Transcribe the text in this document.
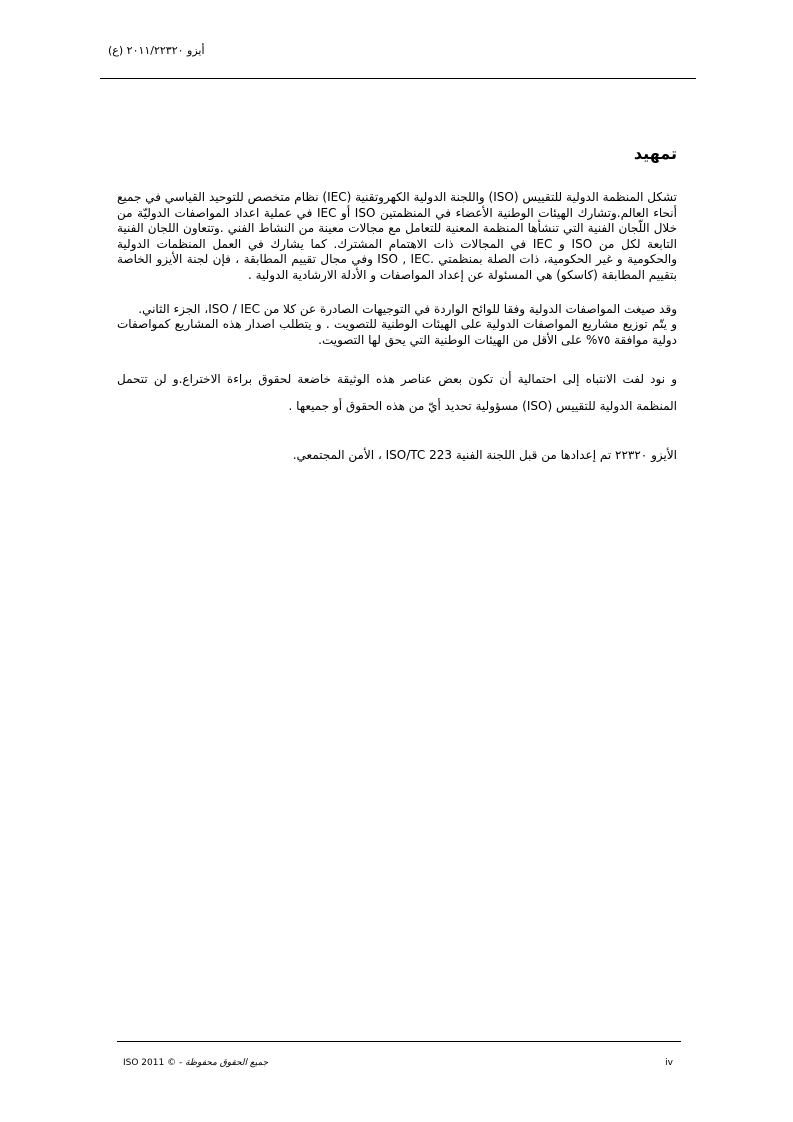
أيزو ٢٠١١/٢٢٣٢٠ (ع)
تمهيد

تشكل المنظمة الدولية للتقييس (ISO) واللجنة الدولية الكهروتقنية (IEC) نظام متخصص للتوحيد القياسي في جميع أنحاء العالم.وتشارك الهيئات الوطنية الأعضاء في المنظمتين ISO أو IEC في عملية اعداد المواصفات الدوليّة من خلال اللّجان الفنية التي تنشأها المنظمة المعنية للتعامل مع مجالات معينة من النشاط الفني .وتتعاون اللجان الفنية التابعة لكل من ISO و IEC في المجالات ذات الاهتمام المشترك. كما يشارك في العمل المنظمات الدولية والحكومية و غير الحكومية، ذات الصلة بمنظمتي .ISO , IEC وفي مجال تقييم المطابقة ، فإن لجنة الأيزو الخاصة بتقييم المطابقة (كاسكو) هي المسئولة عن إعداد المواصفات و الأدلة الارشادية الدولية .

وقد صيغت المواصفات الدولية وفقا للوائح الواردة في التوجيهات الصادرة عن كلا من ISO / IEC، الجزء الثاني.

و يتّم توزيع مشاريع المواصفات الدولية على الهيئات الوطنية للتصويت . و يتطلب اصدار هذه المشاريع كمواصفات دولية موافقة ٧٥% على الأقل من الهيئات الوطنية التي يحق لها التصويت.

و نود لفت الانتباه إلى احتمالية أن تكون بعض عناصر هذه الوثيقة خاضعة لحقوق براءة الاختراع.و لن تتحمل المنظمة الدولية للتقييس (ISO) مسؤولية تحديد أيّ من هذه الحقوق أو جميعها .

الأيزو ٢٢٣٢٠ تم إعدادها من قبل اللجنة الفنية ISO/TC 223 ، الأمن المجتمعي.

جميع الحقوق محفوظة - © ISO 2011	iv
